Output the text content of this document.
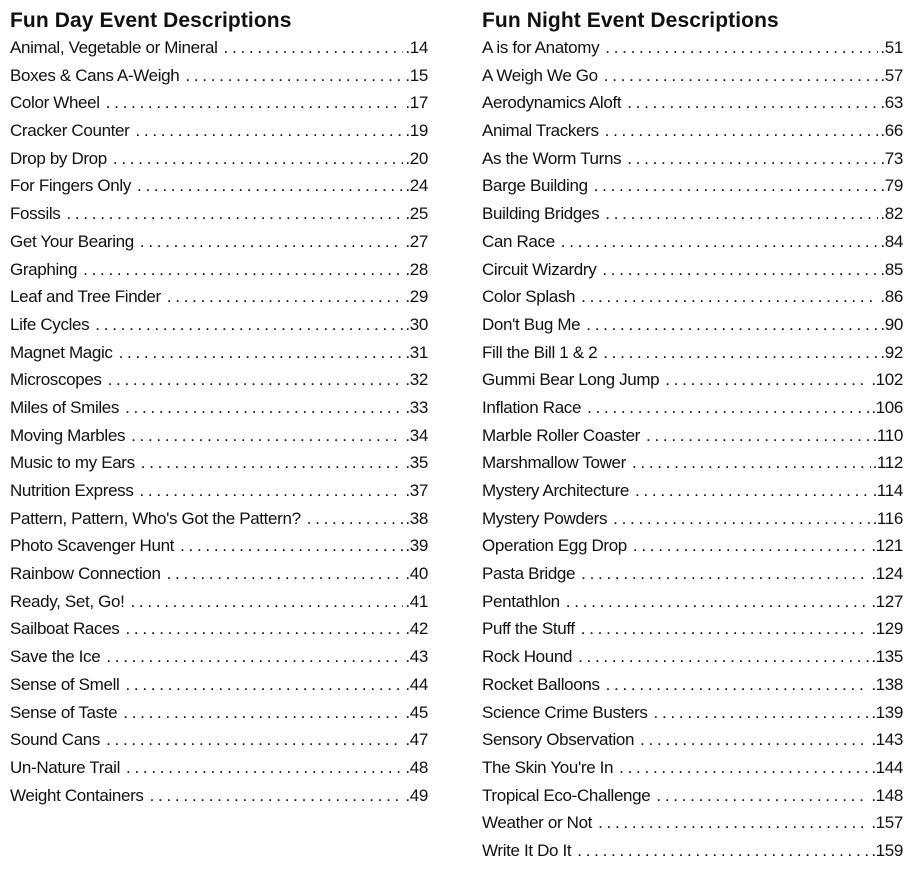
Fun Day Event Descriptions
Animal, Vegetable or Mineral . . .	.14
Boxes & Cans A-Weigh . . .	.15
Color Wheel . . .	.17
Cracker Counter . . .	.19
Drop by Drop . . .	.20
For Fingers Only . . .	.24
Fossils . . .	.25
Get Your Bearing . . .	.27
Graphing . . .	.28
Leaf and Tree Finder . . .	.29
Life Cycles . . .	.30
Magnet Magic . . .	.31
Microscopes . . .	.32
Miles of Smiles . . .	.33
Moving Marbles . . .	.34
Music to my Ears . . .	.35
Nutrition Express . . .	.37
Pattern, Pattern, Who's Got the Pattern? . . .	.38
Photo Scavenger Hunt . . .	.39
Rainbow Connection . . .	.40
Ready, Set, Go! . . .	.41
Sailboat Races . . .	.42
Save the Ice . . .	.43
Sense of Smell . . .	.44
Sense of Taste . . .	.45
Sound Cans . . .	.47
Un-Nature Trail . . .	.48
Weight Containers . . .	.49
Fun Night Event Descriptions
A is for Anatomy . . .	.51
A Weigh We Go . . .	.57
Aerodynamics Aloft . . .	.63
Animal Trackers . . .	.66
As the Worm Turns . . .	.73
Barge Building . . .	.79
Building Bridges . . .	.82
Can Race . . .	.84
Circuit Wizardry . . .	.85
Color Splash . . .	.86
Don't Bug Me . . .	.90
Fill the Bill 1 & 2 . . .	.92
Gummi Bear Long Jump . . .	.102
Inflation Race . . .	.106
Marble Roller Coaster . . .	.110
Marshmallow Tower . . .	.112
Mystery Architecture . . .	.114
Mystery Powders . . .	.116
Operation Egg Drop . . .	.121
Pasta Bridge . . .	.124
Pentathlon . . .	.127
Puff the Stuff . . .	.129
Rock Hound . . .	.135
Rocket Balloons . . .	.138
Science Crime Busters . . .	.139
Sensory Observation . . .	.143
The Skin You're In . . .	.144
Tropical Eco-Challenge . . .	.148
Weather or Not . . .	.157
Write It Do It . . .	.159
